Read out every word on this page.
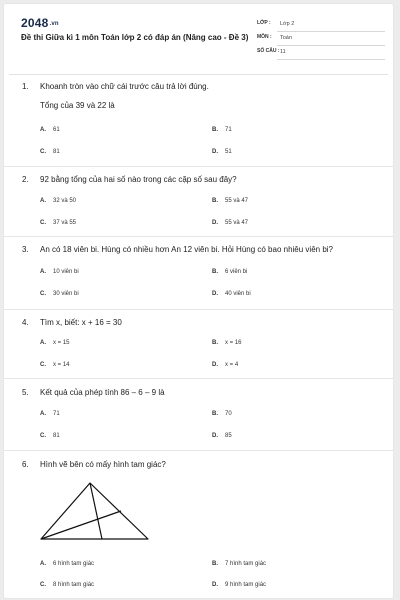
2048.vn
Đề thi Giữa kì 1 môn Toán lớp 2 có đáp án (Nâng cao - Đề 3)
LỚP : Lớp 2
MÔN : Toán
SỐ CÂU : 11
1. Khoanh tròn vào chữ cái trước câu trả lời đúng.
Tổng của 39 và 22 là
A. 61	B. 71
C. 81	D. 51
2. 92 bằng tổng của hai số nào trong các cặp số sau đây?
A. 32 và 50	B. 55 và 47
C. 37 và 55	D. 55 và 47
3. An có 18 viên bi. Hùng có nhiều hơn An 12 viên bi. Hỏi Hùng có bao nhiêu viên bi?
A. 10 viên bi	B. 6 viên bi
C. 30 viên bi	D. 40 viên bi
4. Tìm x, biết: x + 16 = 30
A. x = 15	B. x = 16
C. x = 14	D. x = 4
5. Kết quả của phép tính 86 – 6 – 9 là
A. 71	B. 70
C. 81	D. 85
6. Hình vẽ bên có mấy hình tam giác?
A. 6 hình tam giác	B. 7 hình tam giác
C. 8 hình tam giác	D. 9 hình tam giác
